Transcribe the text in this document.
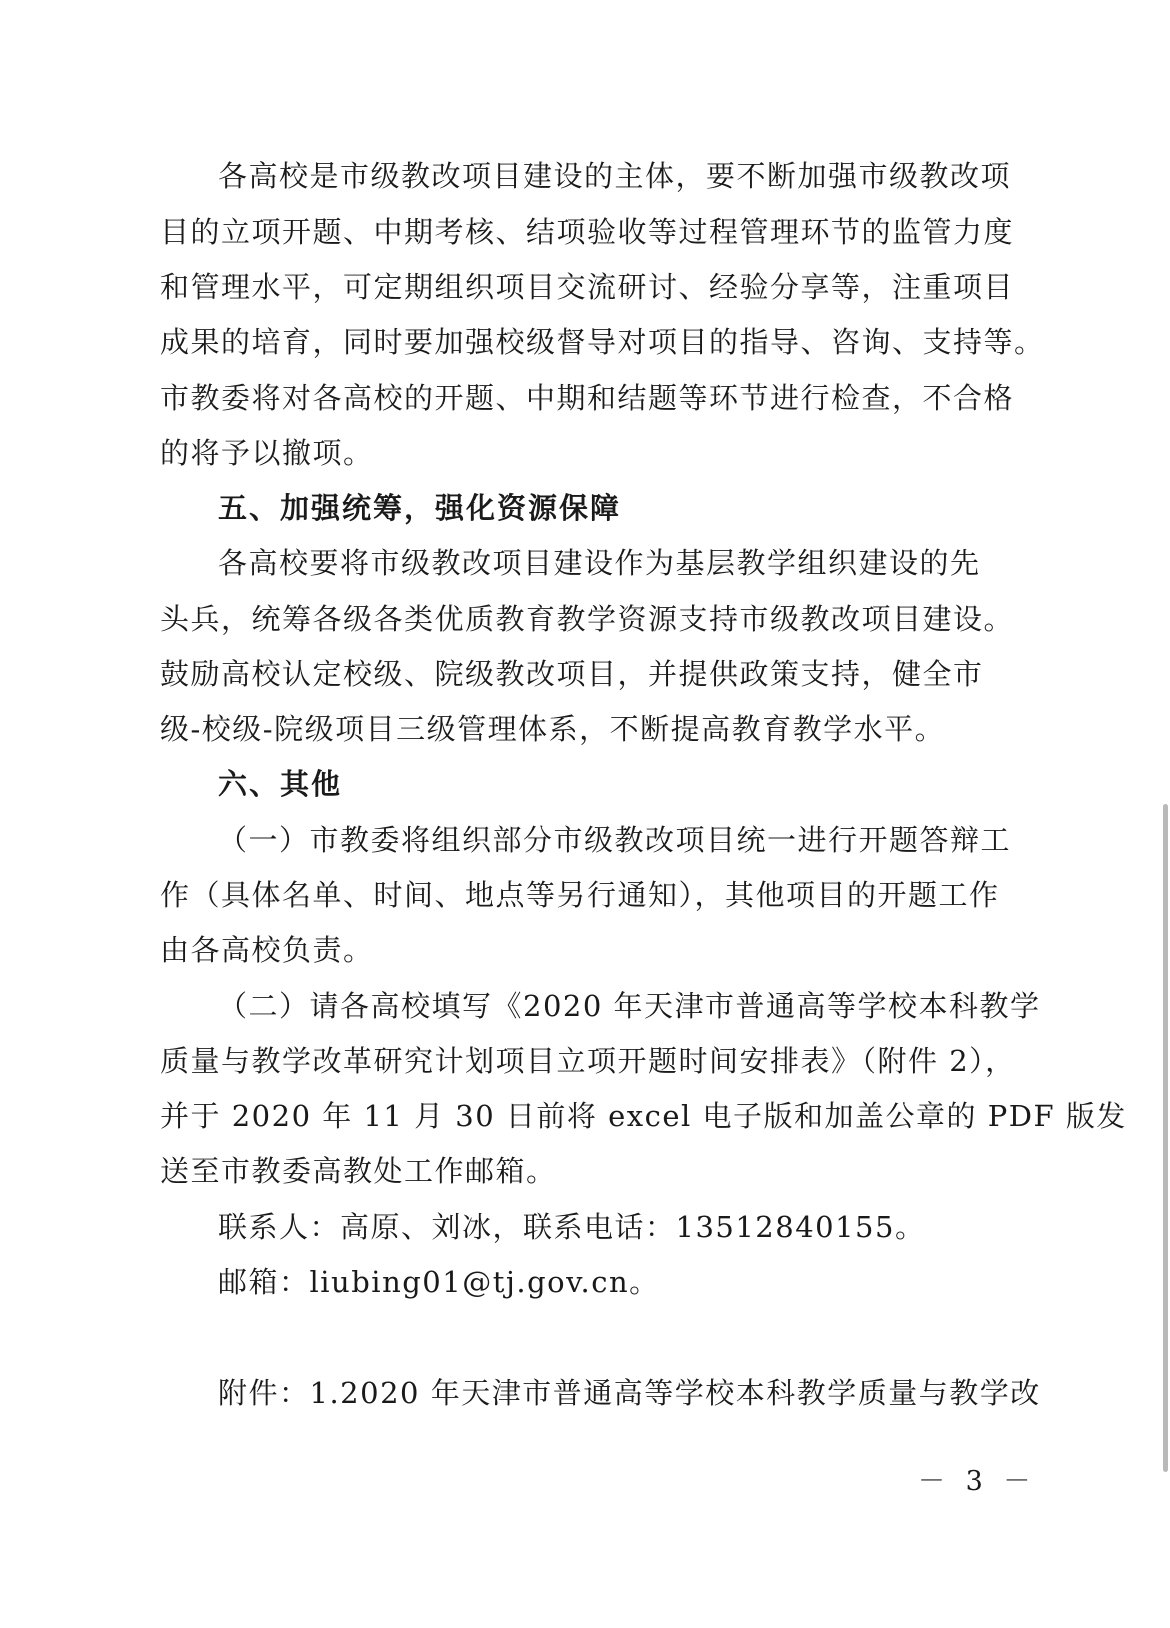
各高校是市级教改项目建设的主体，要不断加强市级教改项
目的立项开题、中期考核、结项验收等过程管理环节的监管力度
和管理水平，可定期组织项目交流研讨、经验分享等，注重项目
成果的培育，同时要加强校级督导对项目的指导、咨询、支持等。
市教委将对各高校的开题、中期和结题等环节进行检查，不合格
的将予以撤项。
五、加强统筹，强化资源保障
各高校要将市级教改项目建设作为基层教学组织建设的先
头兵，统筹各级各类优质教育教学资源支持市级教改项目建设。
鼓励高校认定校级、院级教改项目，并提供政策支持，健全市
级-校级-院级项目三级管理体系，不断提高教育教学水平。
六、其他
（一）市教委将组织部分市级教改项目统一进行开题答辩工
作（具体名单、时间、地点等另行通知），其他项目的开题工作
由各高校负责。
（二）请各高校填写《2020 年天津市普通高等学校本科教学
质量与教学改革研究计划项目立项开题时间安排表》（附件 2），
并于 2020 年 11 月 30 日前将 excel 电子版和加盖公章的 PDF 版发
送至市教委高教处工作邮箱。
联系人：高原、刘冰，联系电话：13512840155。
邮箱：liubing01@tj.gov.cn。
附件：1.2020 年天津市普通高等学校本科教学质量与教学改
－ 3 －
